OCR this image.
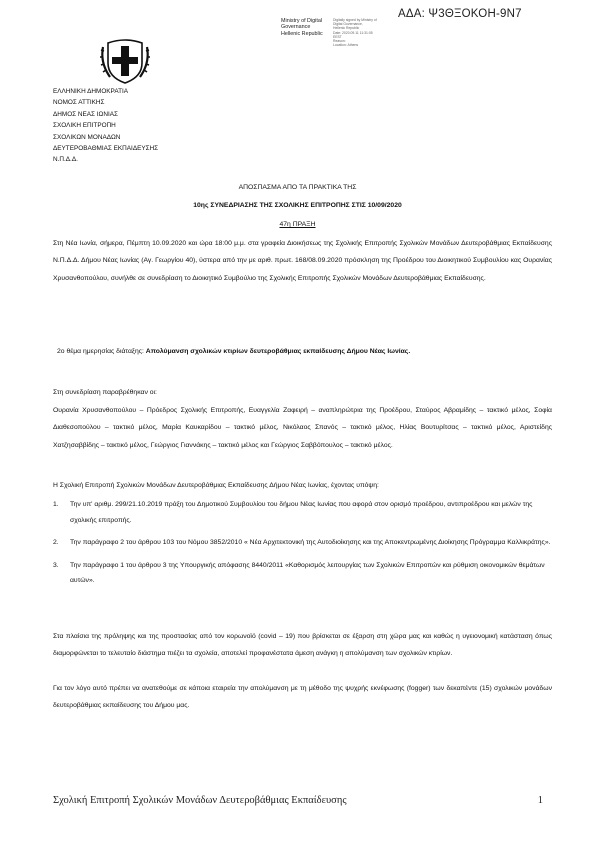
ΑΔΑ: Ψ3ΘΞΟΚΟΗ-9Ν7
Ministry of Digital
Governance
Hellenic Republic
Digitally signed by Ministry of
Digital Governance,
Hellenic Republic
Date: 2020.09.11 11:31:05
EEST
Reason:
Location: Athens
ΕΛΛΗΝΙΚΗ ΔΗΜΟΚΡΑΤΙΑ
ΝΟΜΟΣ ΑΤΤΙΚΗΣ
ΔΗΜΟΣ ΝΕΑΣ ΙΩΝΙΑΣ
ΣΧΟΛΙΚΗ ΕΠΙΤΡΟΠΗ
ΣΧΟΛΙΚΩΝ ΜΟΝΑΔΩΝ
ΔΕΥΤΕΡΟΒΑΘΜΙΑΣ ΕΚΠΑΙΔΕΥΣΗΣ
Ν.Π.Δ.Δ.
ΑΠΟΣΠΑΣΜΑ ΑΠΟ ΤΑ ΠΡΑΚΤΙΚΑ ΤΗΣ
10ης ΣΥΝΕΔΡΙΑΣΗΣ ΤΗΣ ΣΧΟΛΙΚΗΣ ΕΠΙΤΡΟΠΗΣ ΣΤΙΣ 10/09/2020
47η ΠΡΑΞΗ

Στη Νέα Ιωνία, σήμερα, Πέμπτη 10.09.2020 και ώρα 18:00 μ.μ. στα γραφεία Διοικήσεως της Σχολικής Επιτροπής Σχολικών Μονάδων Δευτεροβάθμιας Εκπαίδευσης Ν.Π.Δ.Δ. Δήμου Νέας Ιωνίας (Αγ. Γεωργίου 40), ύστερα από την με αριθ. πρωτ. 168/08.09.2020 πρόσκληση της Προέδρου του Διοικητικού Συμβουλίου κας Ουρανίας Χρυσανθοπούλου, συνήλθε σε συνεδρίαση το Διοικητικό Συμβούλιο της Σχολικής Επιτροπής Σχολικών Μονάδων Δευτεροβάθμιας Εκπαίδευσης.

2ο θέμα ημερησίας διάταξης: Απολύμανση σχολικών κτιρίων δευτεροβάθμιας εκπαίδευσης Δήμου Νέας Ιωνίας.

Στη συνεδρίαση παραβρέθηκαν οι:

Ουρανία Χρυσανθοπούλου – Πρόεδρος Σχολικής Επιτροπής, Ευαγγελία Ζαφειρή – αναπληρώτρια της Προέδρου, Σταύρος Αβραμίδης – τακτικό μέλος, Σοφία Διαθεσοπούλου – τακτικό μέλος, Μαρία Καυκαρίδου – τακτικό μέλος, Νικόλαος Σπανός – τακτικό μέλος, Ηλίας Βουτυρίτσας – τακτικό μέλος, Αριστείδης Χατζησαββίδης – τακτικό μέλος, Γεώργιος Γιαννάκης – τακτικό μέλος και Γεώργιος Σαββόπουλος – τακτικό μέλος.

Η Σχολική Επιτροπή Σχολικών Μονάδων Δευτεροβάθμιας Εκπαίδευσης Δήμου Νέας Ιωνίας, έχοντας υπόψη:

1. Την υπ' αριθμ. 299/21.10.2019 πράξη του Δημοτικού Συμβουλίου του δήμου Νέας Ιωνίας που αφορά στον ορισμό προέδρου, αντιπροέδρου και μελών της σχολικής επιτροπής.
2. Την παράγραφο 2 του άρθρου 103 του Νόμου 3852/2010 « Νέα Αρχιτεκτονική της Αυτοδιοίκησης και της Αποκεντρωμένης Διοίκησης Πρόγραμμα Καλλικράτης».
3. Την παράγραφο 1 του άρθρου 3 της Υπουργικής απόφασης 8440/2011 «Καθορισμός λειτουργίας των Σχολικών Επιτροπών και ρύθμιση οικονομικών θεμάτων αυτών».

Στα πλαίσια της πρόληψης και της προστασίας από τον κορωνοϊό (covid – 19) που βρίσκεται σε έξαρση στη χώρα μας και καθώς η υγειονομική κατάσταση όπως διαμορφώνεται το τελευταίο διάστημα πιέζει τα σχολεία, αποτελεί προφανέστατα άμεση ανάγκη η απολύμανση των σχολικών κτιρίων.

Για τον λόγο αυτό πρέπει να ανατεθούμε σε κάποια εταιρεία την απολύμανση με τη μέθοδο της ψυχρής εκνέφωσης (fogger) των δεκαπέντε (15) σχολικών μονάδων δευτεροβάθμιας εκπαίδευσης του Δήμου μας.

Σχολική Επιτροπή Σχολικών Μονάδων Δευτεροβάθμιας Εκπαίδευσης	1
